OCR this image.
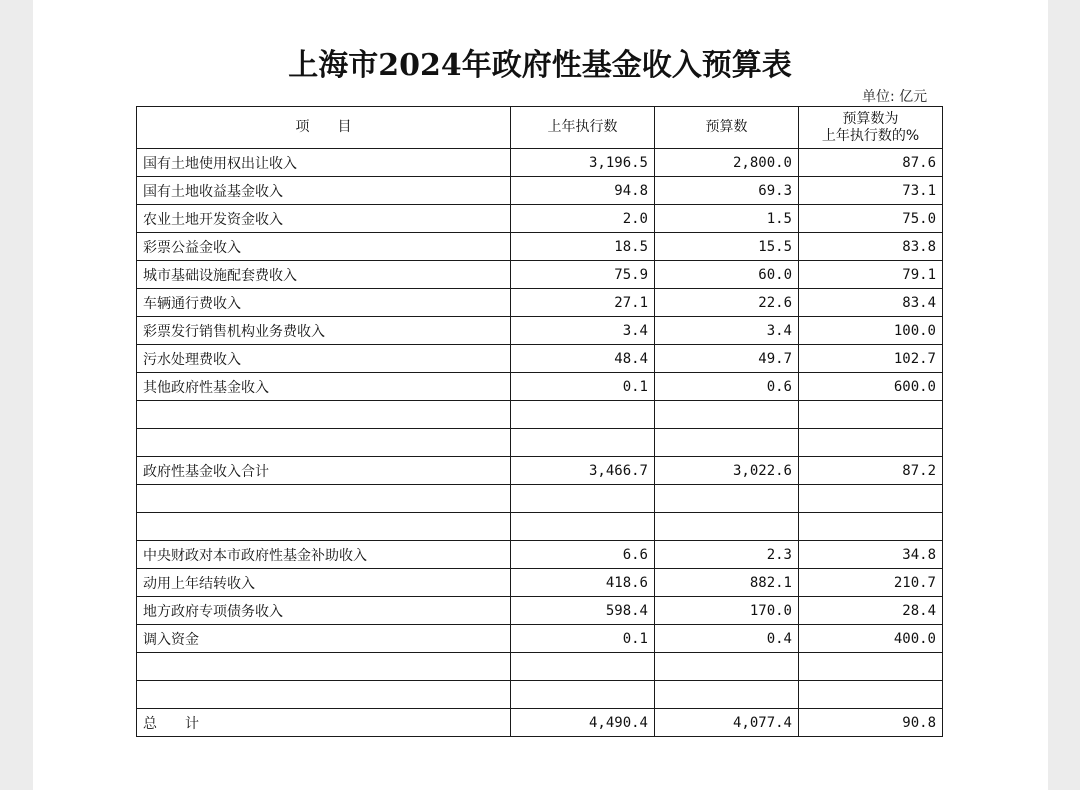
上海市2024年政府性基金收入预算表
单位: 亿元
项　　目	上年执行数	预算数	预算数为
上年执行数的%

国有土地使用权出让收入	3,196.5	2,800.0	87.6
国有土地收益基金收入	94.8	69.3	73.1
农业土地开发资金收入	2.0	1.5	75.0
彩票公益金收入	18.5	15.5	83.8
城市基础设施配套费收入	75.9	60.0	79.1
车辆通行费收入	27.1	22.6	83.4
彩票发行销售机构业务费收入	3.4	3.4	100.0
污水处理费收入	48.4	49.7	102.7
其他政府性基金收入	0.1	0.6	600.0

政府性基金收入合计	3,466.7	3,022.6	87.2

中央财政对本市政府性基金补助收入	6.6	2.3	34.8
动用上年结转收入	418.6	882.1	210.7
地方政府专项债务收入	598.4	170.0	28.4
调入资金	0.1	0.4	400.0

总　　计	4,490.4	4,077.4	90.8
